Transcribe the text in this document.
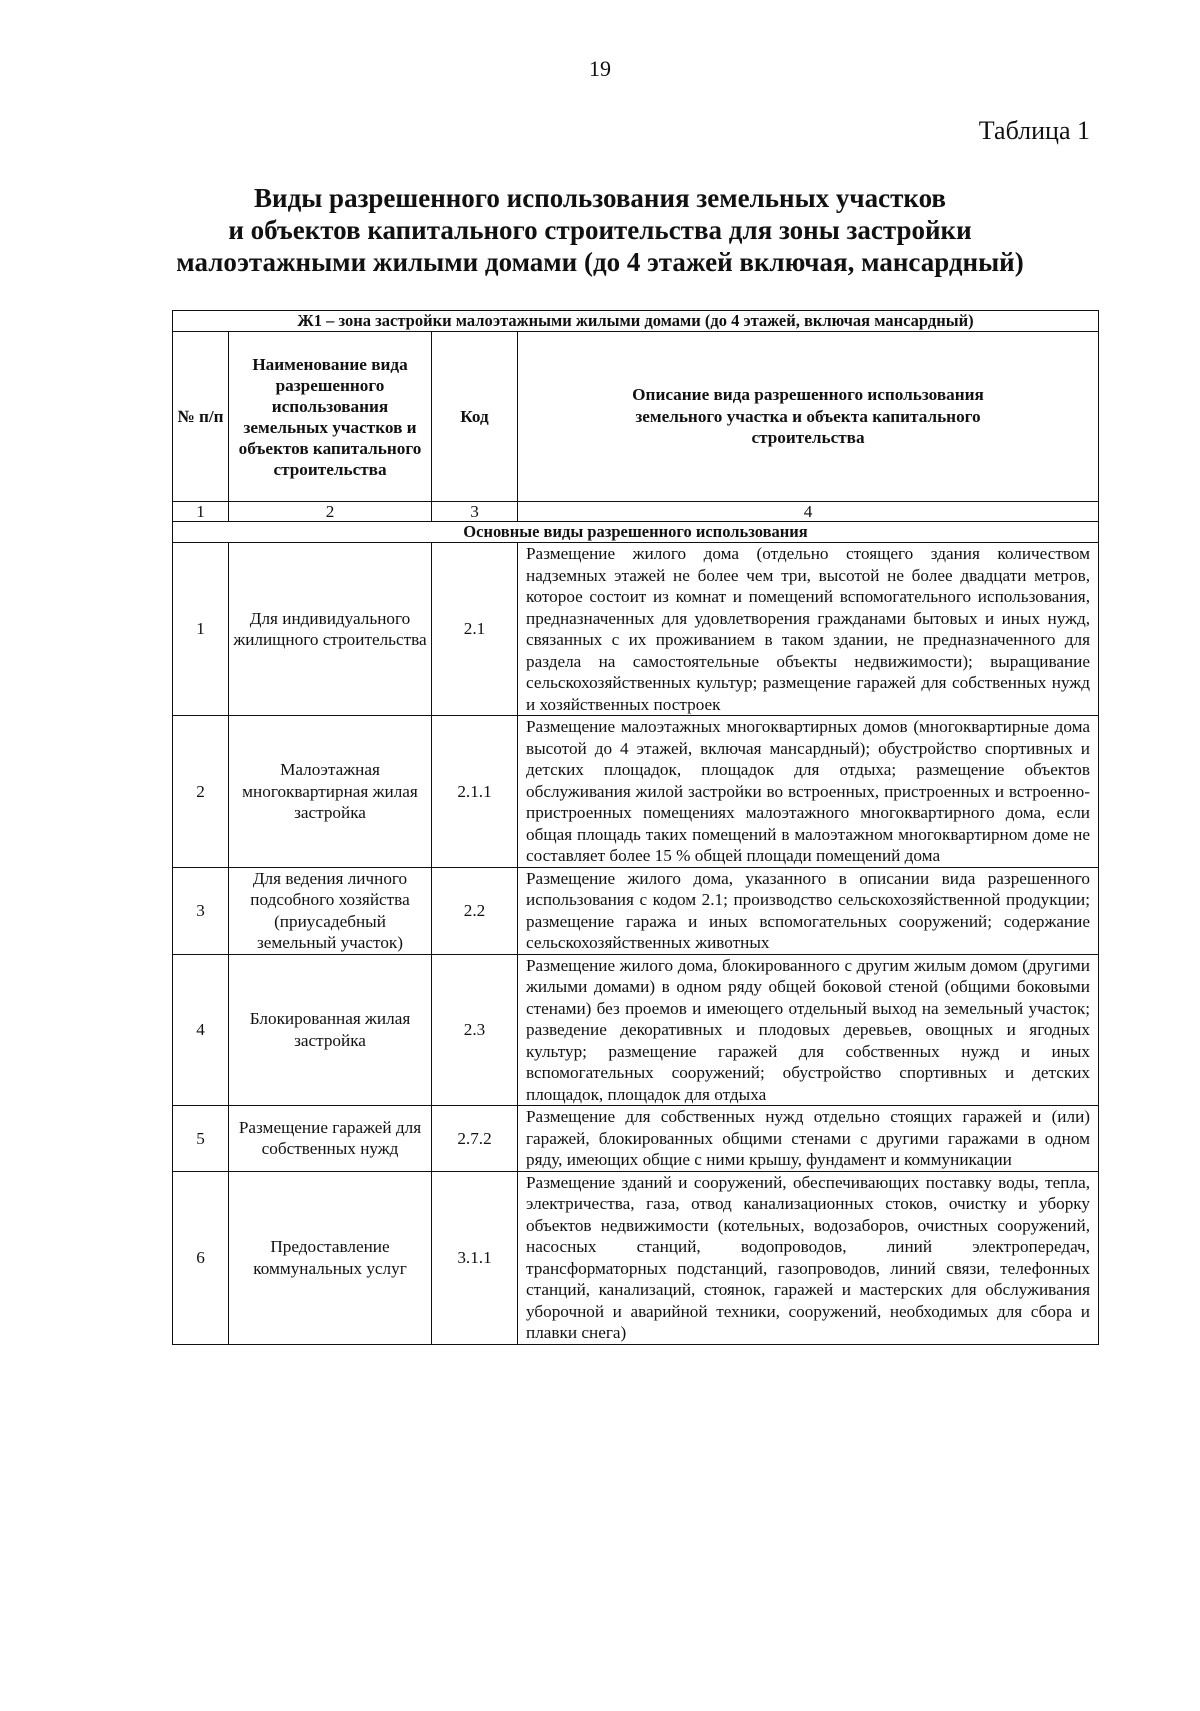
19
Таблица 1
Виды разрешенного использования земельных участков
и объектов капитального строительства для зоны застройки
малоэтажными жилыми домами (до 4 этажей включая, мансардный)
Ж1 – зона застройки малоэтажными жилыми домами (до 4 этажей, включая мансардный)			
№ п/п	Наименование вида разрешенного использования земельных участков и объектов капитального строительства	Код	Описание вида разрешенного использования земельного участка и объекта капитального строительства
1	2	3	4
Основные виды разрешенного использования			
1	Для индивидуального жилищного строительства	2.1	Размещение жилого дома (отдельно стоящего здания количеством надземных этажей не более чем три, высотой не более двадцати метров, которое состоит из комнат и помещений вспомогательного использования, предназначенных для удовлетворения гражданами бытовых и иных нужд, связанных с их проживанием в таком здании, не предназначенного для раздела на самостоятельные объекты недвижимости); выращивание сельскохозяйственных культур; размещение гаражей для собственных нужд и хозяйственных построек
2	Малоэтажная многоквартирная жилая застройка	2.1.1	Размещение малоэтажных многоквартирных домов (многоквартирные дома высотой до 4 этажей, включая мансардный); обустройство спортивных и детских площадок, площадок для отдыха; размещение объектов обслуживания жилой застройки во встроенных, пристроенных и встроенно-пристроенных помещениях малоэтажного многоквартирного дома, если общая площадь таких помещений в малоэтажном многоквартирном доме не составляет более 15 % общей площади помещений дома
3	Для ведения личного подсобного хозяйства (приусадебный земельный участок)	2.2	Размещение жилого дома, указанного в описании вида разрешенного использования с кодом 2.1; производство сельскохозяйственной продукции; размещение гаража и иных вспомогательных сооружений; содержание сельскохозяйственных животных
4	Блокированная жилая застройка	2.3	Размещение жилого дома, блокированного с другим жилым домом (другими жилыми домами) в одном ряду общей боковой стеной (общими боковыми стенами) без проемов и имеющего отдельный выход на земельный участок; разведение декоративных и плодовых деревьев, овощных и ягодных культур; размещение гаражей для собственных нужд и иных вспомогательных сооружений; обустройство спортивных и детских площадок, площадок для отдыха
5	Размещение гаражей для собственных нужд	2.7.2	Размещение для собственных нужд отдельно стоящих гаражей и (или) гаражей, блокированных общими стенами с другими гаражами в одном ряду, имеющих общие с ними крышу, фундамент и коммуникации
6	Предоставление коммунальных услуг	3.1.1	Размещение зданий и сооружений, обеспечивающих поставку воды, тепла, электричества, газа, отвод канализационных стоков, очистку и уборку объектов недвижимости (котельных, водозаборов, очистных сооружений, насосных станций, водопроводов, линий электропередач, трансформаторных подстанций, газопроводов, линий связи, телефонных станций, канализаций, стоянок, гаражей и мастерских для обслуживания уборочной и аварийной техники, сооружений, необходимых для сбора и плавки снега)
